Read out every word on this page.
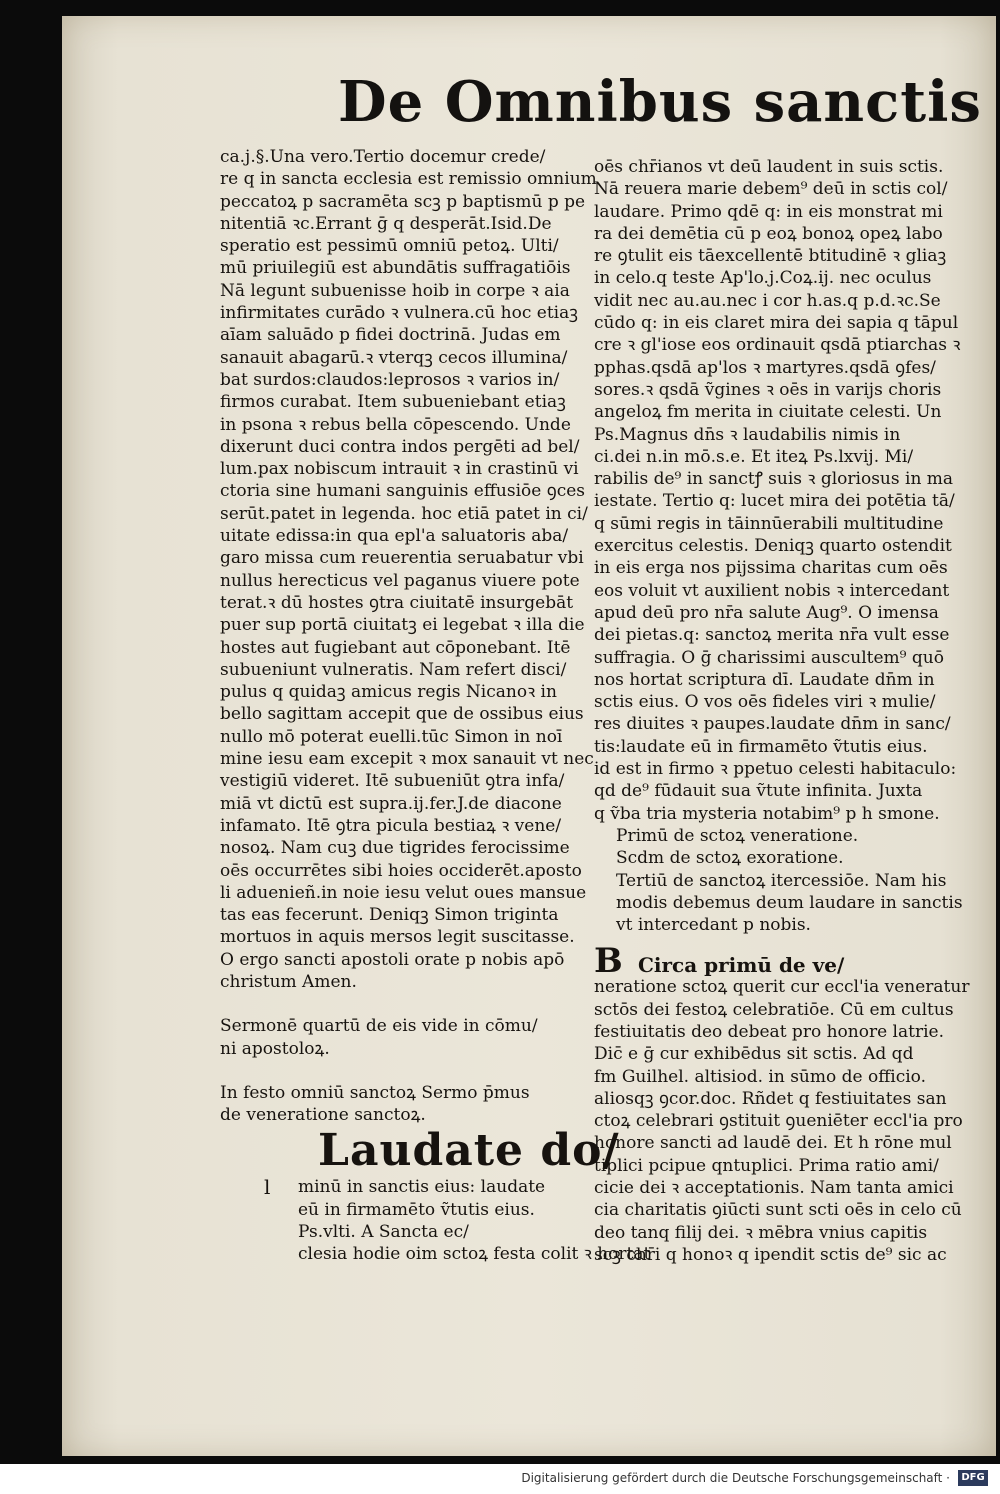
De Omnibus sanctis
ca.j.§.Una vero.Tertio docemur crede/
re q in sancta ecclesia est remissio omnium
peccatoꝝ p sacramēta scꝫ p baptismū p pe
nitentiā ꝛc.Errant ḡ q desperāt.Isid.De
speratio est pessimū omniū petoꝝ. Ulti/
mū priuilegiū est abundātis suffragatiōis
Nā legunt subuenisse hoib in corpe ꝛ aia
infirmitates curādo ꝛ vulnera.cū hoc etiaꝫ
aīam saluādo p fidei doctrinā. Judas em
sanauit abagarū.ꝛ vterqꝫ cecos illumina/
bat surdos:claudos:leprosos ꝛ varios in/
firmos curabat. Item subueniebant etiaꝫ
in psona ꝛ rebus bella cōpescendo. Unde
dixerunt duci contra indos pergēti ad bel/
lum.pax nobiscum intrauit ꝛ in crastinū vi
ctoria sine humani sanguinis effusiōe ꝯces
serūt.patet in legenda. hoc etiā patet in ci/
uitate edissa:in qua epl'a saluatoris aba/
garo missa cum reuerentia seruabatur vbi
nullus herecticus vel paganus viuere pote
terat.ꝛ dū hostes ꝯtra ciuitatē insurgebāt
puer sup portā ciuitatꝫ ei legebat ꝛ illa die
hostes aut fugiebant aut cōponebant. Itē
subueniunt vulneratis. Nam refert disci/
pulus q quidaꝫ amicus regis Nicanoꝛ in
bello sagittam accepit que de ossibus eius
nullo mō poterat euelli.tūc Simon in noī
mine iesu eam excepit ꝛ mox sanauit vt nec
vestigiū videret. Itē subueniūt ꝯtra infa/
miā vt dictū est supra.ij.fer.J.de diacone
infamato. Itē ꝯtra picula bestiaꝝ ꝛ vene/
nosoꝝ. Nam cuꝫ due tigrides ferocissime
oēs occurrētes sibi hoies occiderēt.aposto
li aduenieñ.in noie iesu velut oues mansue
tas eas fecerunt. Deniqꝫ Simon triginta
mortuos in aquis mersos legit suscitasse.
O ergo sancti apostoli orate p nobis apō
christum Amen.
Sermonē quartū de eis vide in cōmu/
ni apostoloꝝ.
In festo omniū sanctoꝝ Sermo p̄mus
de veneratione sanctoꝝ.
Laudate do/
l minū in sanctis eius: laudate
eū in firmamēto ṽtutis eius.
Ps.vlti. A Sancta ec/
clesia hodie oim sctoꝝ festa colit ꝛ hortat
oēs chr̄ianos vt deū laudent in suis sctis.
Nā reuera marie debem⁹ deū in sctis col/
laudare. Primo qdē q: in eis monstrat mi
ra dei demētia cū p eoꝝ bonoꝝ opeꝝ labo
re ꝯtulit eis tāexcellentē btitudinē ꝛ gliaꝫ
in celo.q teste Ap'lo.j.Coꝝ.ij. nec oculus
vidit nec au.au.nec i cor h.as.q p.d.ꝛc.Se
cūdo q: in eis claret mira dei sapia q tāpul
cre ꝛ gl'iose eos ordinauit qsdā ptiarchas ꝛ
pphas.qsdā ap'los ꝛ martyres.qsdā ꝯfes/
sores.ꝛ qsdā ṽgines ꝛ oēs in varijs choris
angeloꝝ fm merita in ciuitate celesti. Un
Ps.Magnus dn̄s ꝛ laudabilis nimis in
ci.dei n.in mō.s.e. Et iteꝝ Ps.lxvij. Mi/
rabilis de⁹ in sanctꝭ suis ꝛ gloriosus in ma
iestate. Tertio q: lucet mira dei potētia tā/
q sūmi regis in tāinnūerabili multitudine
exercitus celestis. Deniqꝫ quarto ostendit
in eis erga nos pijssima charitas cum oēs
eos voluit vt auxilient nobis ꝛ intercedant
apud deū pro nr̄a salute Aug⁹. O imensa
dei pietas.q: sanctoꝝ merita nr̄a vult esse
suffragia. O ḡ charissimi auscultem⁹ quō
nos hortat scriptura dī. Laudate dn̄m in
sctis eius. O vos oēs fideles viri ꝛ mulie/
res diuites ꝛ paupes.laudate dn̄m in sanc/
tis:laudate eū in firmamēto ṽtutis eius.
id est in firmo ꝛ ppetuo celesti habitaculo:
qd de⁹ fūdauit sua ṽtute infinita. Juxta
q ṽba tria mysteria notabim⁹ p h smone.
Primū de sctoꝝ veneratione.
Scdm de sctoꝝ exoratione.
Tertiū de sanctoꝝ itercessiōe. Nam his
modis debemus deum laudare in sanctis
vt intercedant p nobis.
B Circa primū de ve/
neratione sctoꝝ querit cur eccl'ia veneratur
sctōs dei festoꝝ celebratiōe. Cū em cultus
festiuitatis deo debeat pro honore latrie.
Dic̄ e ḡ cur exhibēdus sit sctis. Ad qd
fm Guilhel. altisiod. in sūmo de officio.
aliosqꝫ ꝯcor.doc. Rñdet q festiuitates san
ctoꝝ celebrari ꝯstituit ꝯueniēter eccl'ia pro
honore sancti ad laudē dei. Et h rōne mul
tiplici pcipue qntuplici. Prima ratio ami/
cicie dei ꝛ acceptationis. Nam tanta amici
cia charitatis ꝯiūcti sunt scti oēs in celo cū
deo tanq filij dei. ꝛ mēbra vnius capitis
scꝫ chr̄i q honoꝛ q ipendit sctis de⁹ sic ac
Digitalisierung gefördert durch die Deutsche Forschungsgemeinschaft ·	DFG
